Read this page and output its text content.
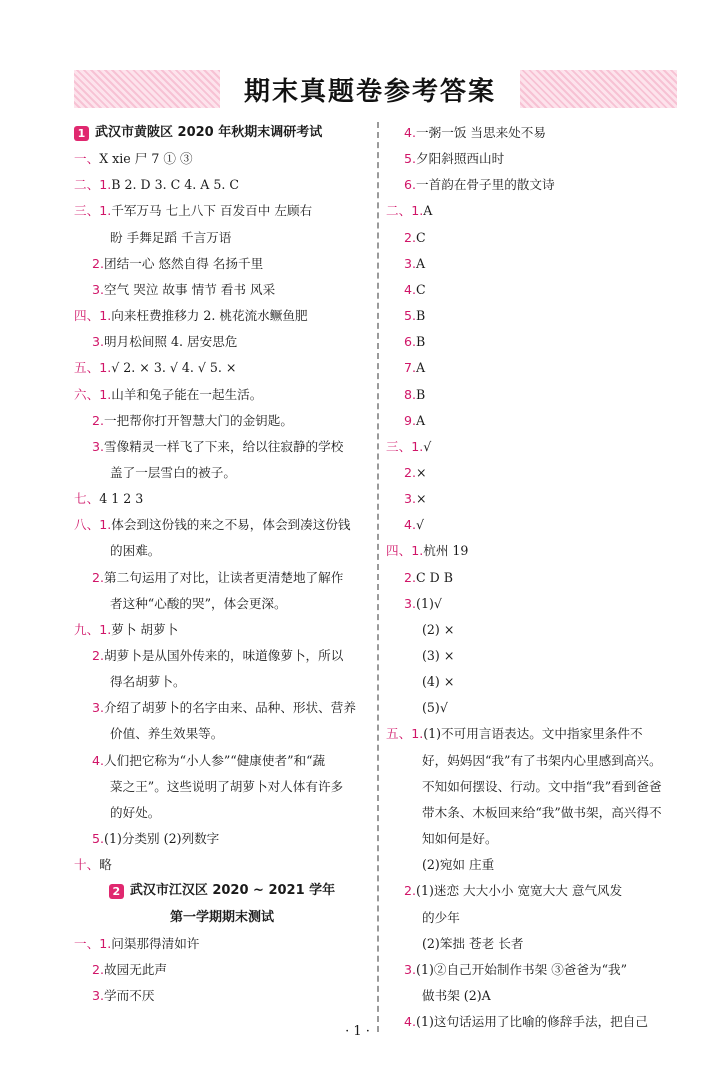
期末真题卷参考答案
1 武汉市黄陂区 2020 年秋期末调研考试
一、X xie 尸 7 ① ③
二、1.B 2. D 3. C 4. A 5. C
三、1.千军万马 七上八下 百发百中 左顾右
盼 手舞足蹈 千言万语
2.团结一心 悠然自得 名扬千里
3.空气 哭泣 故事 情节 看书 风采
四、1.向来枉费推移力 2. 桃花流水鳜鱼肥
3.明月松间照 4. 居安思危
五、1.√ 2. × 3. √ 4. √ 5. ×
六、1.山羊和兔子能在一起生活。
2.一把帮你打开智慧大门的金钥匙。
3.雪像精灵一样飞了下来，给以往寂静的学校
盖了一层雪白的被子。
七、4 1 2 3
八、1.体会到这份钱的来之不易，体会到凑这份钱
的困难。
2.第二句运用了对比，让读者更清楚地了解作
者这种“心酸的哭”，体会更深。
九、1.萝卜 胡萝卜
2.胡萝卜是从国外传来的，味道像萝卜，所以
得名胡萝卜。
3.介绍了胡萝卜的名字由来、品种、形状、营养
价值、养生效果等。
4.人们把它称为“小人参”“健康使者”和“蔬
菜之王”。这些说明了胡萝卜对人体有许多
的好处。
5.(1)分类别 (2)列数字
十、略
2 武汉市江汉区 2020 ~ 2021 学年
第一学期期末测试
一、1.问渠那得清如许
2.故园无此声
3.学而不厌
4.一粥一饭 当思来处不易
5.夕阳斜照西山时
6.一首韵在骨子里的散文诗
二、1.A
2.C
3.A
4.C
5.B
6.B
7.A
8.B
9.A
三、1.√
2.×
3.×
4.√
四、1.杭州 19
2.C D B
3.(1)√
(2) ×
(3) ×
(4) ×
(5)√
五、1.(1)不可用言语表达。文中指家里条件不
好，妈妈因“我”有了书架内心里感到高兴。
不知如何摆设、行动。文中指“我”看到爸爸
带木条、木板回来给“我”做书架，高兴得不
知如何是好。
(2)宛如 庄重
2.(1)迷恋 大大小小 宽宽大大 意气风发
的少年
(2)笨拙 苍老 长者
3.(1)②自己开始制作书架 ③爸爸为“我”
做书架 (2)A
4.(1)这句话运用了比喻的修辞手法，把自己
· 1 ·
